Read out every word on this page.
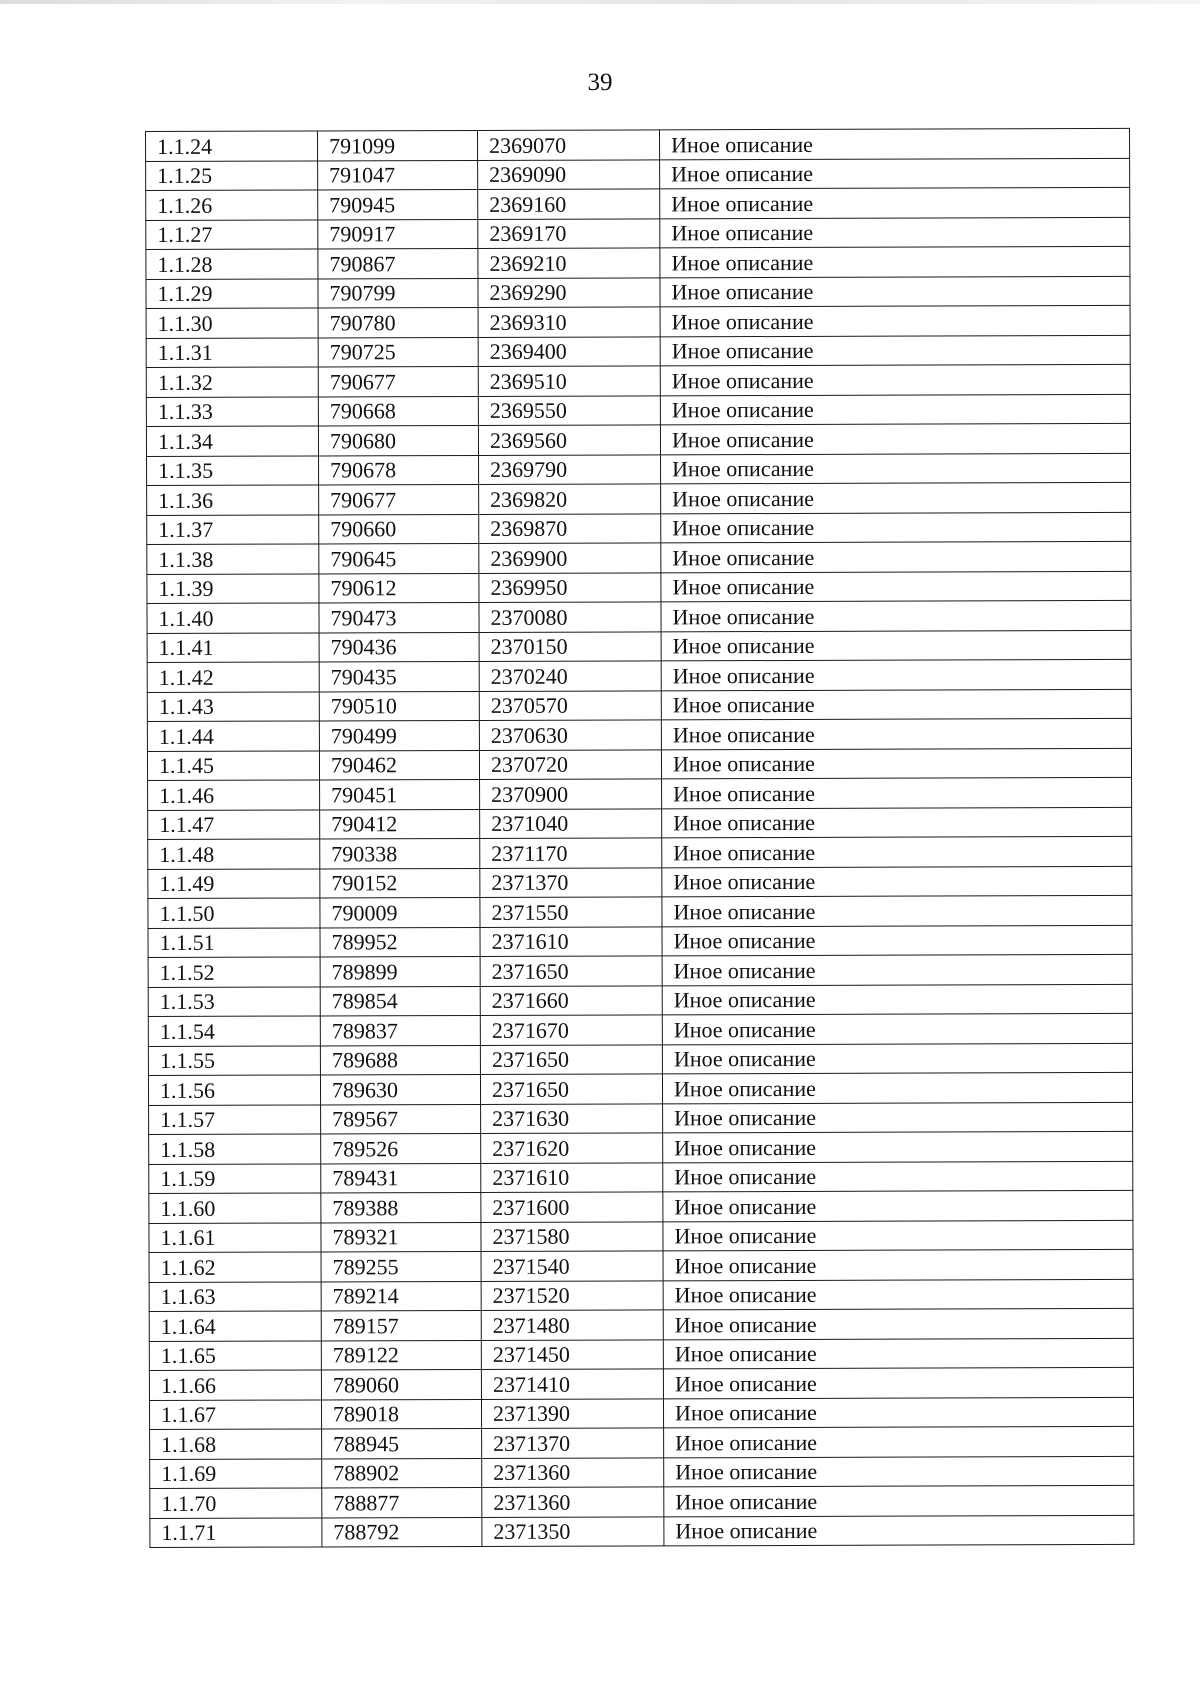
39
1.1.24	791099	2369070	Иное описание
1.1.25	791047	2369090	Иное описание
1.1.26	790945	2369160	Иное описание
1.1.27	790917	2369170	Иное описание
1.1.28	790867	2369210	Иное описание
1.1.29	790799	2369290	Иное описание
1.1.30	790780	2369310	Иное описание
1.1.31	790725	2369400	Иное описание
1.1.32	790677	2369510	Иное описание
1.1.33	790668	2369550	Иное описание
1.1.34	790680	2369560	Иное описание
1.1.35	790678	2369790	Иное описание
1.1.36	790677	2369820	Иное описание
1.1.37	790660	2369870	Иное описание
1.1.38	790645	2369900	Иное описание
1.1.39	790612	2369950	Иное описание
1.1.40	790473	2370080	Иное описание
1.1.41	790436	2370150	Иное описание
1.1.42	790435	2370240	Иное описание
1.1.43	790510	2370570	Иное описание
1.1.44	790499	2370630	Иное описание
1.1.45	790462	2370720	Иное описание
1.1.46	790451	2370900	Иное описание
1.1.47	790412	2371040	Иное описание
1.1.48	790338	2371170	Иное описание
1.1.49	790152	2371370	Иное описание
1.1.50	790009	2371550	Иное описание
1.1.51	789952	2371610	Иное описание
1.1.52	789899	2371650	Иное описание
1.1.53	789854	2371660	Иное описание
1.1.54	789837	2371670	Иное описание
1.1.55	789688	2371650	Иное описание
1.1.56	789630	2371650	Иное описание
1.1.57	789567	2371630	Иное описание
1.1.58	789526	2371620	Иное описание
1.1.59	789431	2371610	Иное описание
1.1.60	789388	2371600	Иное описание
1.1.61	789321	2371580	Иное описание
1.1.62	789255	2371540	Иное описание
1.1.63	789214	2371520	Иное описание
1.1.64	789157	2371480	Иное описание
1.1.65	789122	2371450	Иное описание
1.1.66	789060	2371410	Иное описание
1.1.67	789018	2371390	Иное описание
1.1.68	788945	2371370	Иное описание
1.1.69	788902	2371360	Иное описание
1.1.70	788877	2371360	Иное описание
1.1.71	788792	2371350	Иное описание
